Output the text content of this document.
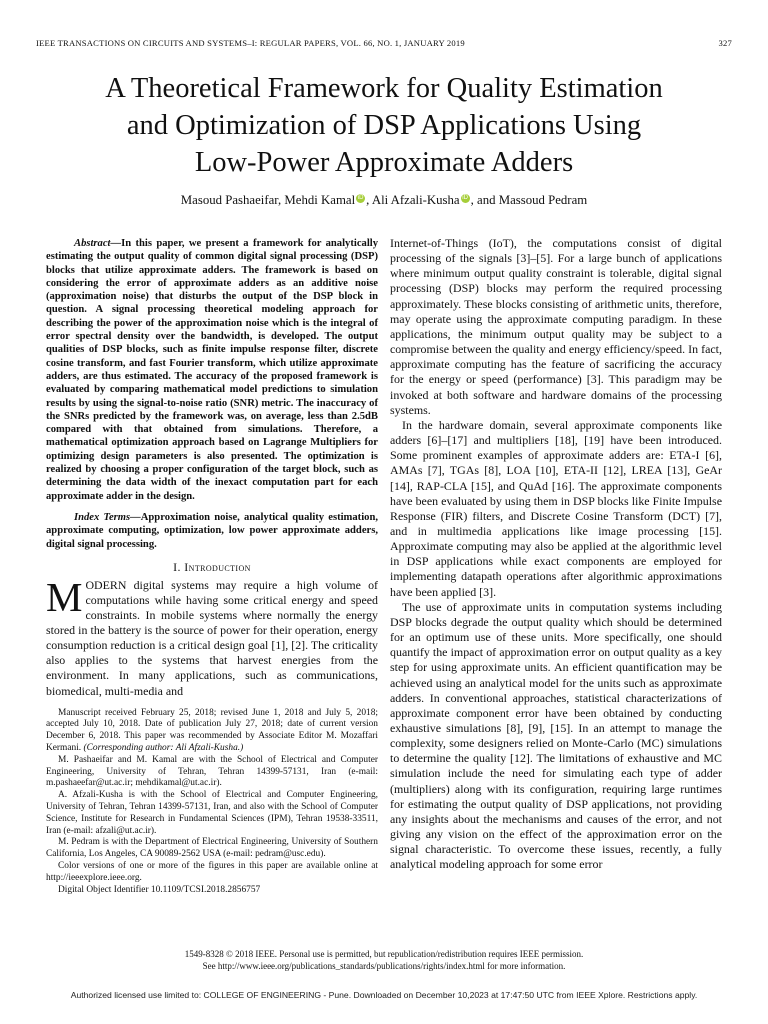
IEEE TRANSACTIONS ON CIRCUITS AND SYSTEMS–I: REGULAR PAPERS, VOL. 66, NO. 1, JANUARY 2019	327
A Theoretical Framework for Quality Estimation
and Optimization of DSP Applications Using
Low-Power Approximate Adders
Masoud Pashaeifar, Mehdi Kamal iD , Ali Afzali-Kusha iD , and Massoud Pedram

Abstract—In this paper, we present a framework for analytically estimating the output quality of common digital signal processing (DSP) blocks that utilize approximate adders. The framework is based on considering the error of approximate adders as an additive noise (approximation noise) that disturbs the output of the DSP block in question. A signal processing theoretical modeling approach for describing the power of the approximation noise which is the integral of error spectral density over the bandwidth, is developed. The output qualities of DSP blocks, such as finite impulse response filter, discrete cosine transform, and fast Fourier transform, which utilize approximate adders, are thus estimated. The accuracy of the proposed framework is evaluated by comparing mathematical model predictions to simulation results by using the signal-to-noise ratio (SNR) metric. The inaccuracy of the SNRs predicted by the framework was, on average, less than 2.5dB compared with that obtained from simulations. Therefore, a mathematical optimization approach based on Lagrange Multipliers for optimizing design parameters is also presented. The optimization is realized by choosing a proper configuration of the target block, such as determining the data width of the inexact computation part for each approximate adder in the design.

Index Terms—Approximation noise, analytical quality estimation, approximate computing, optimization, low power approximate adders, digital signal processing.

I. Introduction

MODERN digital systems may require a high volume of computations while having some critical energy and speed constraints. In mobile systems where normally the energy stored in the battery is the source of power for their operation, energy consumption reduction is a critical design goal [1], [2]. The criticality also applies to the systems that harvest energies from the environment. In many applications, such as communications, biomedical, multi-media and

Manuscript received February 25, 2018; revised June 1, 2018 and July 5, 2018; accepted July 10, 2018. Date of publication July 27, 2018; date of current version December 6, 2018. This paper was recommended by Associate Editor M. Mozaffari Kermani. (Corresponding author: Ali Afzali-Kusha.)

M. Pashaeifar and M. Kamal are with the School of Electrical and Computer Engineering, University of Tehran, Tehran 14399-57131, Iran (e-mail: m.pashaeefar@ut.ac.ir; mehdikamal@ut.ac.ir).

A. Afzali-Kusha is with the School of Electrical and Computer Engineering, University of Tehran, Tehran 14399-57131, Iran, and also with the School of Computer Science, Institute for Research in Fundamental Sciences (IPM), Tehran 19538-33511, Iran (e-mail: afzali@ut.ac.ir).

M. Pedram is with the Department of Electrical Engineering, University of Southern California, Los Angeles, CA 90089-2562 USA (e-mail: pedram@usc.edu).

Color versions of one or more of the figures in this paper are available online at http://ieeexplore.ieee.org.

Digital Object Identifier 10.1109/TCSI.2018.2856757

Internet-of-Things (IoT), the computations consist of digital processing of the signals [3]–[5]. For a large bunch of applications where minimum output quality constraint is tolerable, digital signal processing (DSP) blocks may perform the required processing approximately. These blocks consisting of arithmetic units, therefore, may operate using the approximate computing paradigm. In these applications, the minimum output quality may be subject to a compromise between the quality and energy efficiency/speed. In fact, approximate computing has the feature of sacrificing the accuracy for the energy or speed (performance) [3]. This paradigm may be invoked at both software and hardware domains of the processing systems.

In the hardware domain, several approximate components like adders [6]–[17] and multipliers [18], [19] have been introduced. Some prominent examples of approximate adders are: ETA-I [6], AMAs [7], TGAs [8], LOA [10], ETA-II [12], LREA [13], GeAr [14], RAP-CLA [15], and QuAd [16]. The approximate components have been evaluated by using them in DSP blocks like Finite Impulse Response (FIR) filters, and Discrete Cosine Transform (DCT) [7], and in multimedia applications like image processing [15]. Approximate computing may also be applied at the algorithmic level in DSP applications while exact components are employed for implementing datapath operations after algorithmic approximations have been applied [3].

The use of approximate units in computation systems including DSP blocks degrade the output quality which should be determined for an optimum use of these units. More specifically, one should quantify the impact of approximation error on output quality as a key step for using approximate units. An efficient quantification may be achieved using an analytical model for the units such as approximate adders. In conventional approaches, statistical characterizations of approximate component error have been obtained by conducting exhaustive simulations [8], [9], [15]. In an attempt to manage the complexity, some designers relied on Monte-Carlo (MC) simulations to determine the quality [12]. The limitations of exhaustive and MC simulation include the need for simulating each type of adder (multipliers) along with its configuration, requiring large runtimes for estimating the output quality of DSP applications, not providing any insights about the mechanisms and causes of the error, and not giving any vision on the effect of the approximation error on the signal characteristic. To overcome these issues, recently, a fully analytical modeling approach for some error

1549-8328 © 2018 IEEE. Personal use is permitted, but republication/redistribution requires IEEE permission.
See http://www.ieee.org/publications_standards/publications/rights/index.html for more information.
Authorized licensed use limited to: COLLEGE OF ENGINEERING - Pune. Downloaded on December 10,2023 at 17:47:50 UTC from IEEE Xplore. Restrictions apply.
